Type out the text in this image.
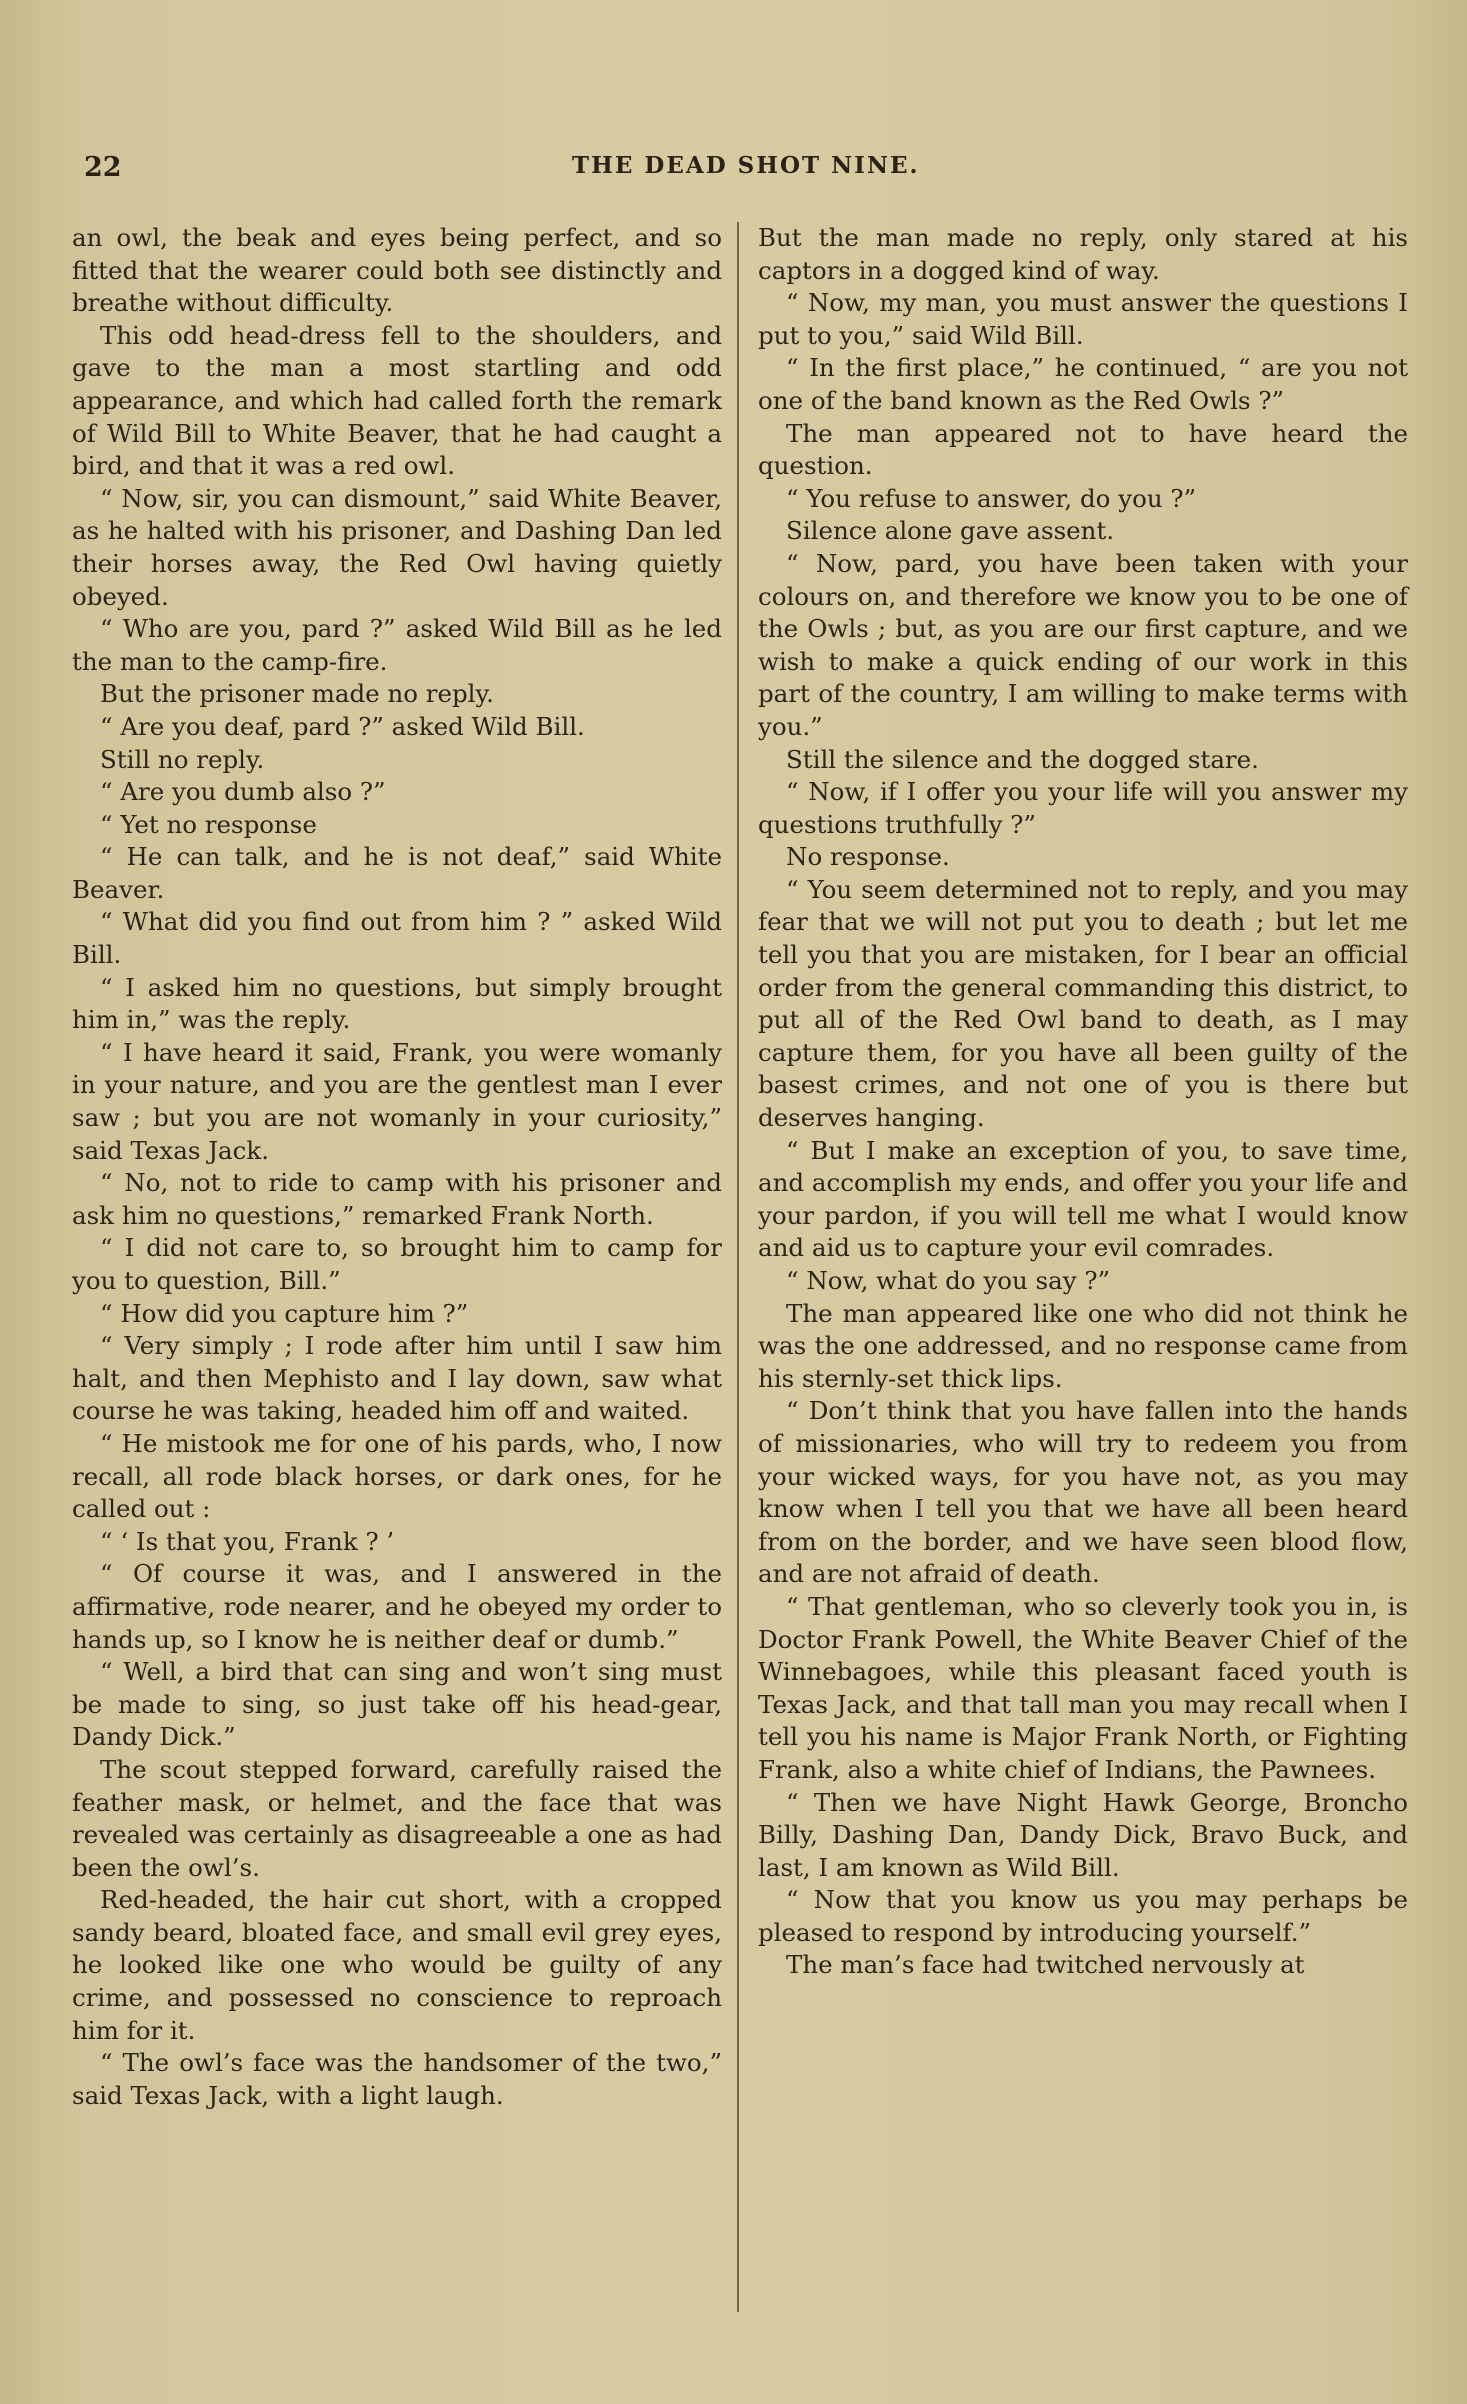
22	THE DEAD SHOT NINE.

an owl, the beak and eyes being perfect, and so fitted that the wearer could both see distinctly and breathe without difficulty.

This odd head-dress fell to the shoulders, and gave to the man a most startling and odd appearance, and which had called forth the remark of Wild Bill to White Beaver, that he had caught a bird, and that it was a red owl.

“ Now, sir, you can dismount,” said White Beaver, as he halted with his prisoner, and Dashing Dan led their horses away, the Red Owl having quietly obeyed.

“ Who are you, pard ?” asked Wild Bill as he led the man to the camp-fire.

But the prisoner made no reply.

“ Are you deaf, pard ?” asked Wild Bill.

Still no reply.

“ Are you dumb also ?”

“ Yet no response

“ He can talk, and he is not deaf,” said White Beaver.

“ What did you find out from him ? ” asked Wild Bill.

“ I asked him no questions, but simply brought him in,” was the reply.

“ I have heard it said, Frank, you were womanly in your nature, and you are the gentlest man I ever saw ; but you are not womanly in your curiosity,” said Texas Jack.

“ No, not to ride to camp with his prisoner and ask him no questions,” remarked Frank North.

“ I did not care to, so brought him to camp for you to question, Bill.”

“ How did you capture him ?”

“ Very simply ; I rode after him until I saw him halt, and then Mephisto and I lay down, saw what course he was taking, headed him off and waited.

“ He mistook me for one of his pards, who, I now recall, all rode black horses, or dark ones, for he called out :

“ ‘ Is that you, Frank ? ’

“ Of course it was, and I answered in the affirmative, rode nearer, and he obeyed my order to hands up, so I know he is neither deaf or dumb.”

“ Well, a bird that can sing and won’t sing must be made to sing, so just take off his head-gear, Dandy Dick.”

The scout stepped forward, carefully raised the feather mask, or helmet, and the face that was revealed was certainly as disagreeable a one as had been the owl’s.

Red-headed, the hair cut short, with a cropped sandy beard, bloated face, and small evil grey eyes, he looked like one who would be guilty of any crime, and possessed no conscience to reproach him for it.

“ The owl’s face was the handsomer of the two,” said Texas Jack, with a light laugh.

But the man made no reply, only stared at his captors in a dogged kind of way.

“ Now, my man, you must answer the questions I put to you,” said Wild Bill.

“ In the first place,” he continued, “ are you not one of the band known as the Red Owls ?”

The man appeared not to have heard the question.

“ You refuse to answer, do you ?”

Silence alone gave assent.

“ Now, pard, you have been taken with your colours on, and therefore we know you to be one of the Owls ; but, as you are our first capture, and we wish to make a quick ending of our work in this part of the country, I am willing to make terms with you.”

Still the silence and the dogged stare.

“ Now, if I offer you your life will you answer my questions truthfully ?”

No response.

“ You seem determined not to reply, and you may fear that we will not put you to death ; but let me tell you that you are mistaken, for I bear an official order from the general commanding this district, to put all of the Red Owl band to death, as I may capture them, for you have all been guilty of the basest crimes, and not one of you is there but deserves hanging.

“ But I make an exception of you, to save time, and accomplish my ends, and offer you your life and your pardon, if you will tell me what I would know and aid us to capture your evil comrades.

“ Now, what do you say ?”

The man appeared like one who did not think he was the one addressed, and no response came from his sternly-set thick lips.

“ Don’t think that you have fallen into the hands of missionaries, who will try to redeem you from your wicked ways, for you have not, as you may know when I tell you that we have all been heard from on the border, and we have seen blood flow, and are not afraid of death.

“ That gentleman, who so cleverly took you in, is Doctor Frank Powell, the White Beaver Chief of the Winnebagoes, while this pleasant faced youth is Texas Jack, and that tall man you may recall when I tell you his name is Major Frank North, or Fighting Frank, also a white chief of Indians, the Pawnees.

“ Then we have Night Hawk George, Broncho Billy, Dashing Dan, Dandy Dick, Bravo Buck, and last, I am known as Wild Bill.

“ Now that you know us you may perhaps be pleased to respond by introducing yourself.”

The man’s face had twitched nervously at
